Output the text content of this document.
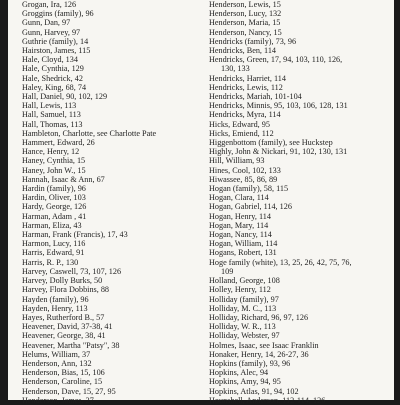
Grogan, Ira, 126
Groggins (family), 96
Gunn, Dan, 97
Gunn, Harvey, 97
Guthrie (family), 14
Hairston, James, 115
Hale, Cloyd, 134
Hale, Cynthia, 129
Hale, Shedrick, 42
Haley, King, 68, 74
Hall, Daniel, 90, 102, 129
Hall, Lewis, 113
Hall, Samuel, 113
Hall, Thomas, 113
Hambleton, Charlotte, see Charlotte Pate
Hammert, Edward, 26
Hance, Henry, 12
Haney, Cynthia, 15
Haney, John W., 15
Hannah, Isaac & Ann, 67
Hardin (family), 96
Hardin, Oliver, 103
Hardy, George, 126
Harman, Adam , 41
Harman, Eliza, 43
Harman, Frank (Francis), 17, 43
Harmon, Lucy, 116
Harris, Edward, 91
Harris, R. P., 130
Harvey, Caswell, 73, 107, 126
Harvey, Dolly Burks, 50
Harvey, Flora Dobbins, 88
Hayden (family), 96
Hayden, Henry, 113
Hayes, Rutherford B., 57
Heavener, David, 37-38, 41
Heavener, George, 38, 41
Heavener, Martha "Patsy", 38
Helums, William, 37
Henderson, Ann, 132
Henderson, Bias, 15, 106
Henderson, Caroline, 15
Henderson, Dave, 15, 27, 95
Henderson, James, 27
Henderson, Lewis, 15
Henderson, Lucy, 132
Henderson, Maria, 15
Henderson, Nancy, 15
Hendricks (family), 73, 96
Hendricks, Ben, 114
Hendricks, Green, 17, 94, 103, 110, 126,
130, 133
Hendricks, Harriet, 114
Hendricks, Lewis, 112
Hendricks, Mariah, 101-104
Hendricks, Minnis, 95, 103, 106, 128, 131
Hendricks, Myra, 114
Hicks, Edward, 95
Hicks, Emiend, 112
Higgenbottom (family), see Huckstep
Highly, John & Nickari, 91, 102, 130, 131
Hill, William, 93
Hines, Cool, 102, 133
Hiwassee, 85, 86, 89
Hogan (family), 58, 115
Hogan, Clara, 114
Hogan, Gabriel, 114, 126
Hogan, Henry, 114
Hogan, Mary, 114
Hogan, Nancy, 114
Hogan, William, 114
Hogans, Robert, 131
Hoge family (white), 13, 25, 26, 42, 75, 76,
109
Holland, George, 108
Holley, Henry, 112
Holliday (family), 97
Holliday, M. C., 113
Holliday, Richard, 96, 97, 126
Holliday, W. R., 113
Holliday, Webster, 97
Holmes, Isaac, see Isaac Franklin
Honaker, Henry, 14, 26-27, 36
Hopkins (family), 93, 96
Hopkins, Alec, 94
Hopkins, Amy, 94, 95
Hopkins, Atlas, 91, 94, 102
Hounshell, Anderson, 112-114, 126
